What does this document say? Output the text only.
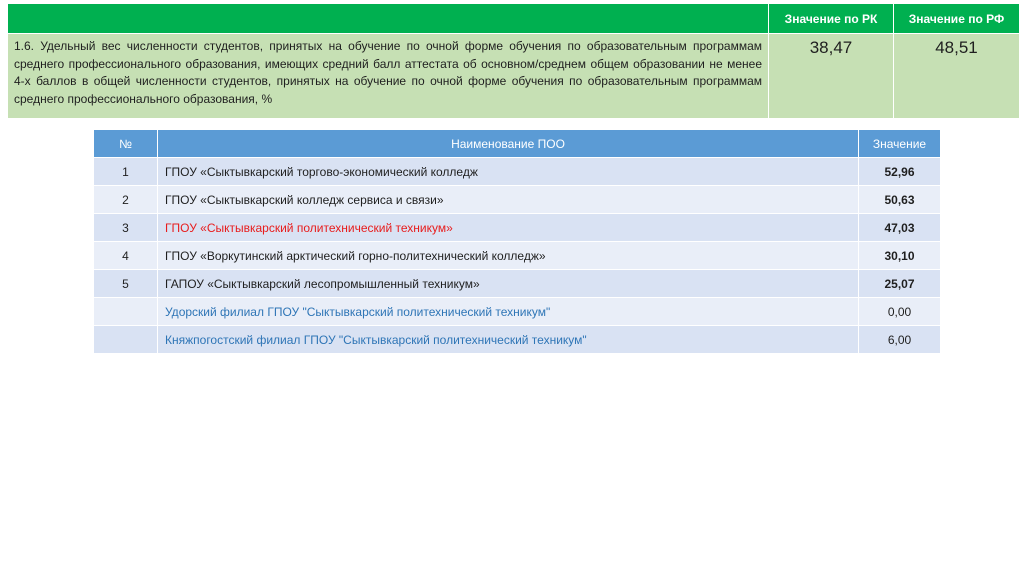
	Значение по РК	Значение по РФ

1.6. Удельный вес численности студентов, принятых на обучение по очной форме обучения по образовательным программам среднего профессионального образования, имеющих средний балл аттестата об основном/среднем общем образовании не менее 4-х баллов в общей численности студентов, принятых на обучение по очной форме обучения по образовательным программам среднего профессионального образования, %	38,47	48,51
№	Наименование ПОО	Значение
1	ГПОУ «Сыктывкарский торгово-экономический колледж	52,96
2	ГПОУ «Сыктывкарский колледж сервиса и связи»	50,63
3	ГПОУ «Сыктывкарский политехнический техникум»	47,03
4	ГПОУ «Воркутинский арктический горно-политехнический колледж»	30,10
5	ГАПОУ «Сыктывкарский лесопромышленный техникум»	25,07
	Удорский филиал ГПОУ "Сыктывкарский политехнический техникум"	0,00
	Княжпогостский филиал ГПОУ "Сыктывкарский политехнический техникум"	6,00
